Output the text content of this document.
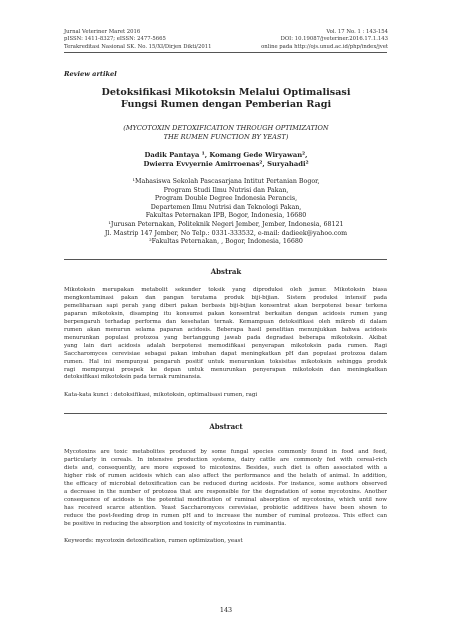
Jurnal Veteriner Maret 2016
pISSN: 1411-8327; eISSN: 2477-5665
Terakreditasi Nasional SK. No. 15/XI/Dirjen Dikti/2011
Vol. 17 No. 1 : 143-154
DOI: 10.19087/jveteriner.2016.17.1.143
online pada http://ojs.unud.ac.id/php/index/jvet
Review artikel
Detoksifikasi Mikotoksin Melalui Optimalisasi
Fungsi Rumen dengan Pemberian Ragi
(MYCOTOXIN DETOXIFICATION THROUGH OPTIMIZATION
THE RUMEN FUNCTION BY YEAST)
Dadik Pantaya ¹, Komang Gede Wiryawan²,
Dwierra Evvyernie Amirroenas², Suryahadi²
¹Mahasiswa Sekolah Pascasarjana Intitut Pertanian Bogor,
Program Studi Ilmu Nutrisi dan Pakan,
Program Double Degree Indonesia Perancis,
Departemen Ilmu Nutrisi dan Teknologi Pakan,
Fakultas Peternakan IPB, Bogor, Indonesia, 16680
¹Jurusan Peternakan, Politeknik Negeri Jember, Jember, Indonesia, 68121
Jl. Mastrip 147 Jember, No Telp.: 0331-333532, e-mail: dadieek@yahoo.com
²Fakultas Peternakan, , Bogor, Indonesia, 16680
Abstrak
Mikotoksin merupakan metabolit sekunder toksik yang diproduksi oleh jamur. Mikotoksin biasa
mengkontaminasi pakan dan pangan terutama produk biji-bijian. Sistem produksi intensif pada
pemeliharaan sapi perah yang diberi pakan berbasis biji-bijian konsentrat akan berpotensi besar terkena
paparan mikotoksin, disamping itu konsumsi pakan konsentrat berkaitan dengan acidosis rumen yang
berpengaruh terhadap performa dan kesehatan ternak. Kemampuan detoksifikasi oleh mikrob di dalam
rumen akan menurun selama paparan acidosis. Beberapa hasil penelitian menunjukkan bahwa acidosis
menurunkan populasi protozoa yang bertanggung jawab pada degradasi beberapa mikotoksin. Akibat
yang lain dari acidosis adalah berpotensi memodifikasi penyerapan mikotoksin pada rumen. Ragi
Saccharomyces cerevisiae sebagai pakan imbuhan dapat meningkatkan pH dan populasi protozoa dalam
rumen. Hal ini mempunyai pengaruh positif untuk menurunkan toksisitas mikotoksin sehingga produk
ragi mempunyai prospek ke depan untuk menurunkan penyerapan mikotoksin dan meningkatkan
detoksifikasi mikotoksin pada ternak ruminansia.
Kata-kata kunci : detoksifikasi, mikotoksin, optimalisasi rumen, ragi
Abstract
Mycotoxins are toxic metabolites produced by some fungal species commonly found in food and feed,
particularly in cereals. In intensive production systems, dairy cattle are commonly fed with cereal-rich
diets and, consequently, are more exposed to micotoxins. Besides, such diet is often associated with a
higher risk of rumen acidosis which can also affect the performance and the helath of animal. In addition,
the efficacy of microbial detoxification can be reduced during acidosis. For instance, some authors observed
a decrease in the number of protozoa that are responsible for the degradation of some mycotoxins. Another
consequence of acidosis is the potential modification of ruminal absorption of mycotoxins, which until now
has received scarce attention. Yeast Saccharomyces cerevisiae, probiotic additives have been shown to
reduce the post-feeding drop in rumen pH and to increase the number of ruminal protozoa. This effect can
be positive in reducing the absorption and toxicity of mycotoxins in ruminantia.
Keywords: mycotoxin detoxification, rumen optimization, yeast
143
